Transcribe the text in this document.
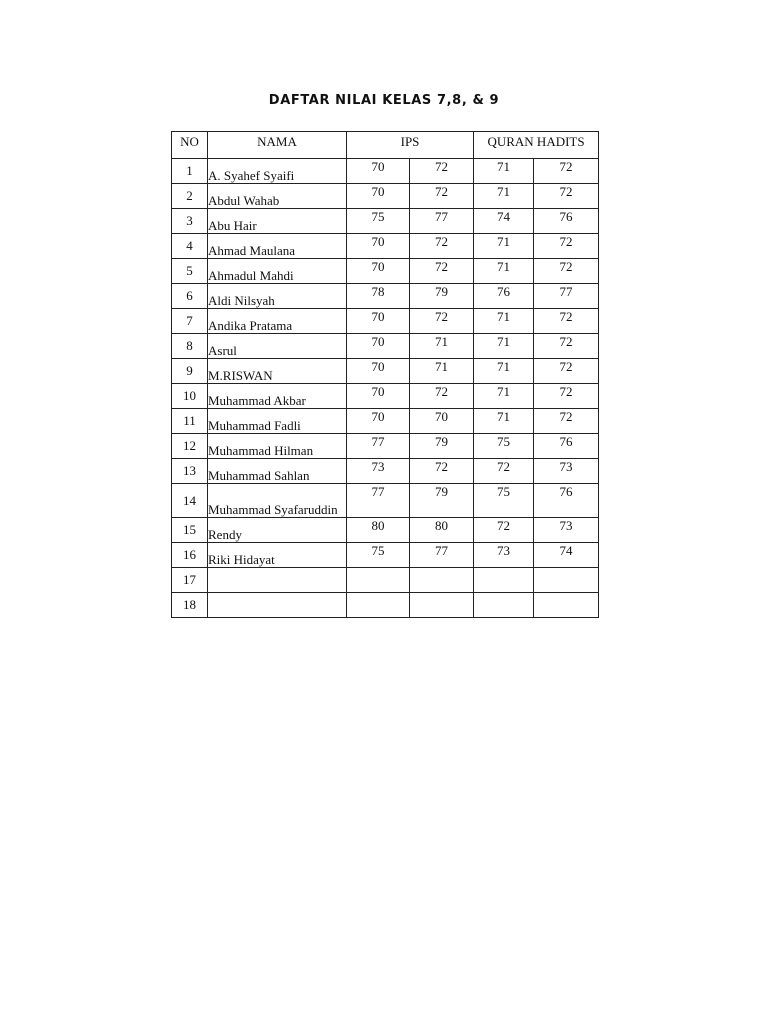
DAFTAR NILAI KELAS 7,8, & 9
NO	NAMA	IPS		QURAN HADITS	
1	A. Syahef Syaifi	70	72	71	72
2	Abdul Wahab	70	72	71	72
3	Abu Hair	75	77	74	76
4	Ahmad Maulana	70	72	71	72
5	Ahmadul Mahdi	70	72	71	72
6	Aldi Nilsyah	78	79	76	77
7	Andika Pratama	70	72	71	72
8	Asrul	70	71	71	72
9	M.RISWAN	70	71	71	72
10	Muhammad Akbar	70	72	71	72
11	Muhammad Fadli	70	70	71	72
12	Muhammad Hilman	77	79	75	76
13	Muhammad Sahlan	73	72	72	73
14	Muhammad Syafaruddin	77	79	75	76
15	Rendy	80	80	72	73
16	Riki Hidayat	75	77	73	74
17					
18					
